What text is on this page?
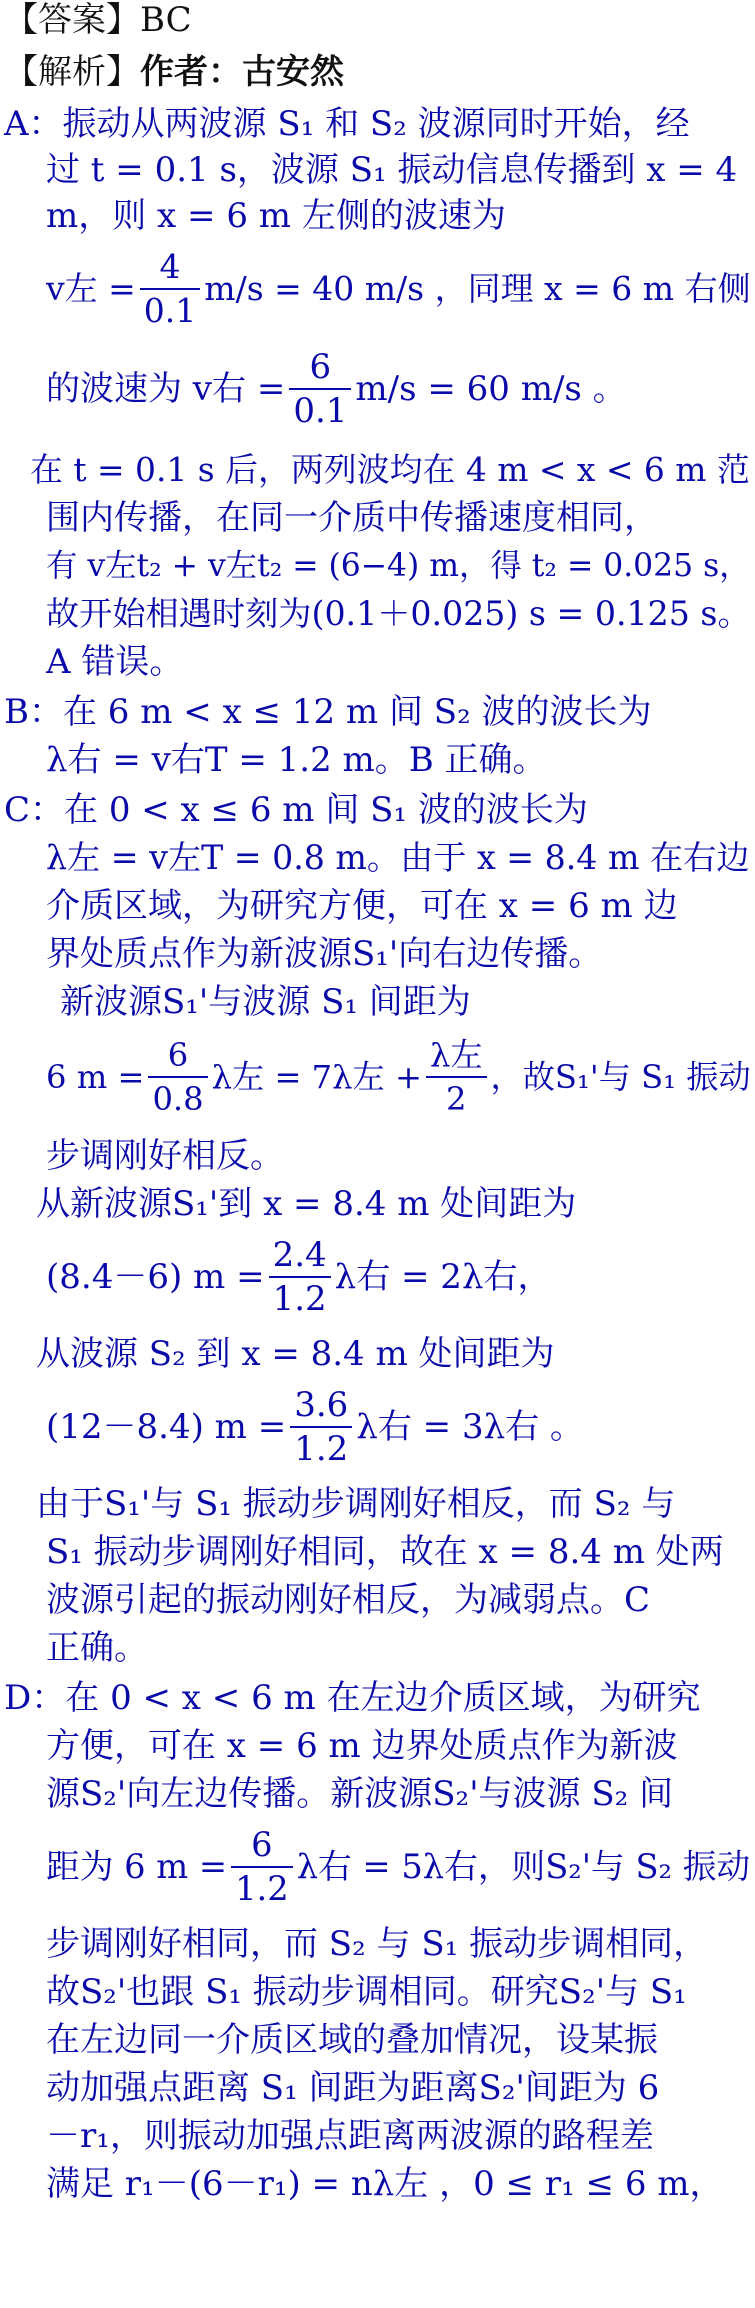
【答案】BC
【解析】作者：古安然
A：振动从两波源 S₁ 和 S₂ 波源同时开始，经
过 t = 0.1 s，波源 S₁ 振动信息传播到 x = 4
m，则 x = 6 m 左侧的波速为
v左 = $\frac{4}{0.1} m/s = 40$ m/s ，同理 x = 6 m 右侧
的波速为 v右 = $\frac{6}{0.1} m/s = 60$ m/s 。
在 t = 0.1 s 后，两列波均在 4 m < x < 6 m 范
围内传播，在同一介质中传播速度相同，
有 v左t₂ + v左t₂ = (6−4) m，得 t₂ = 0.025 s，
故开始相遇时刻为(0.1＋0.025) s = 0.125 s。
A 错误。
B：在 6 m < x ≤ 12 m 间 S₂ 波的波长为
λ右 = v右T = 1.2 m。B 正确。
C：在 0 < x ≤ 6 m 间 S₁ 波的波长为
λ左 = v左T = 0.8 m。由于 x = 8.4 m 在右边
介质区域，为研究方便，可在 x = 6 m 边
界处质点作为新波源S₁'向右边传播。
新波源S₁'与波源 S₁ 间距为
6 $m = \frac{6}{0.8}$ λ左 = 7λ左 + $\frac{\text{λ左}}{2}$ ，故S₁'与 S₁ 振动
步调刚好相反。
从新波源S₁'到 x = 8.4 m 处间距为
(8.4－6) $m = \frac{2.4}{1.2}$ λ右 = 2λ右，
从波源 S₂ 到 x = 8.4 m 处间距为
(12－8.4) $m = \frac{3.6}{1.2}$ λ右 = 3λ右 。
由于S₁'与 S₁ 振动步调刚好相反，而 S₂ 与
S₁ 振动步调刚好相同，故在 x = 8.4 m 处两
波源引起的振动刚好相反，为减弱点。C
正确。
D：在 0 < x < 6 m 在左边介质区域，为研究
方便，可在 x = 6 m 边界处质点作为新波
源S₂'向左边传播。新波源S₂'与波源 S₂ 间
距为 6 $m = \frac{6}{1.2}$ λ右 = 5λ右，则S₂'与 S₂ 振动
步调刚好相同，而 S₂ 与 S₁ 振动步调相同，
故S₂'也跟 S₁ 振动步调相同。研究S₂'与 S₁
在左边同一介质区域的叠加情况，设某振
动加强点距离 S₁ 间距为距离S₂'间距为 6
－r₁，则振动加强点距离两波源的路程差
满足 r₁－(6－r₁) = nλ左 ，0 ≤ r₁ ≤ 6 m，
